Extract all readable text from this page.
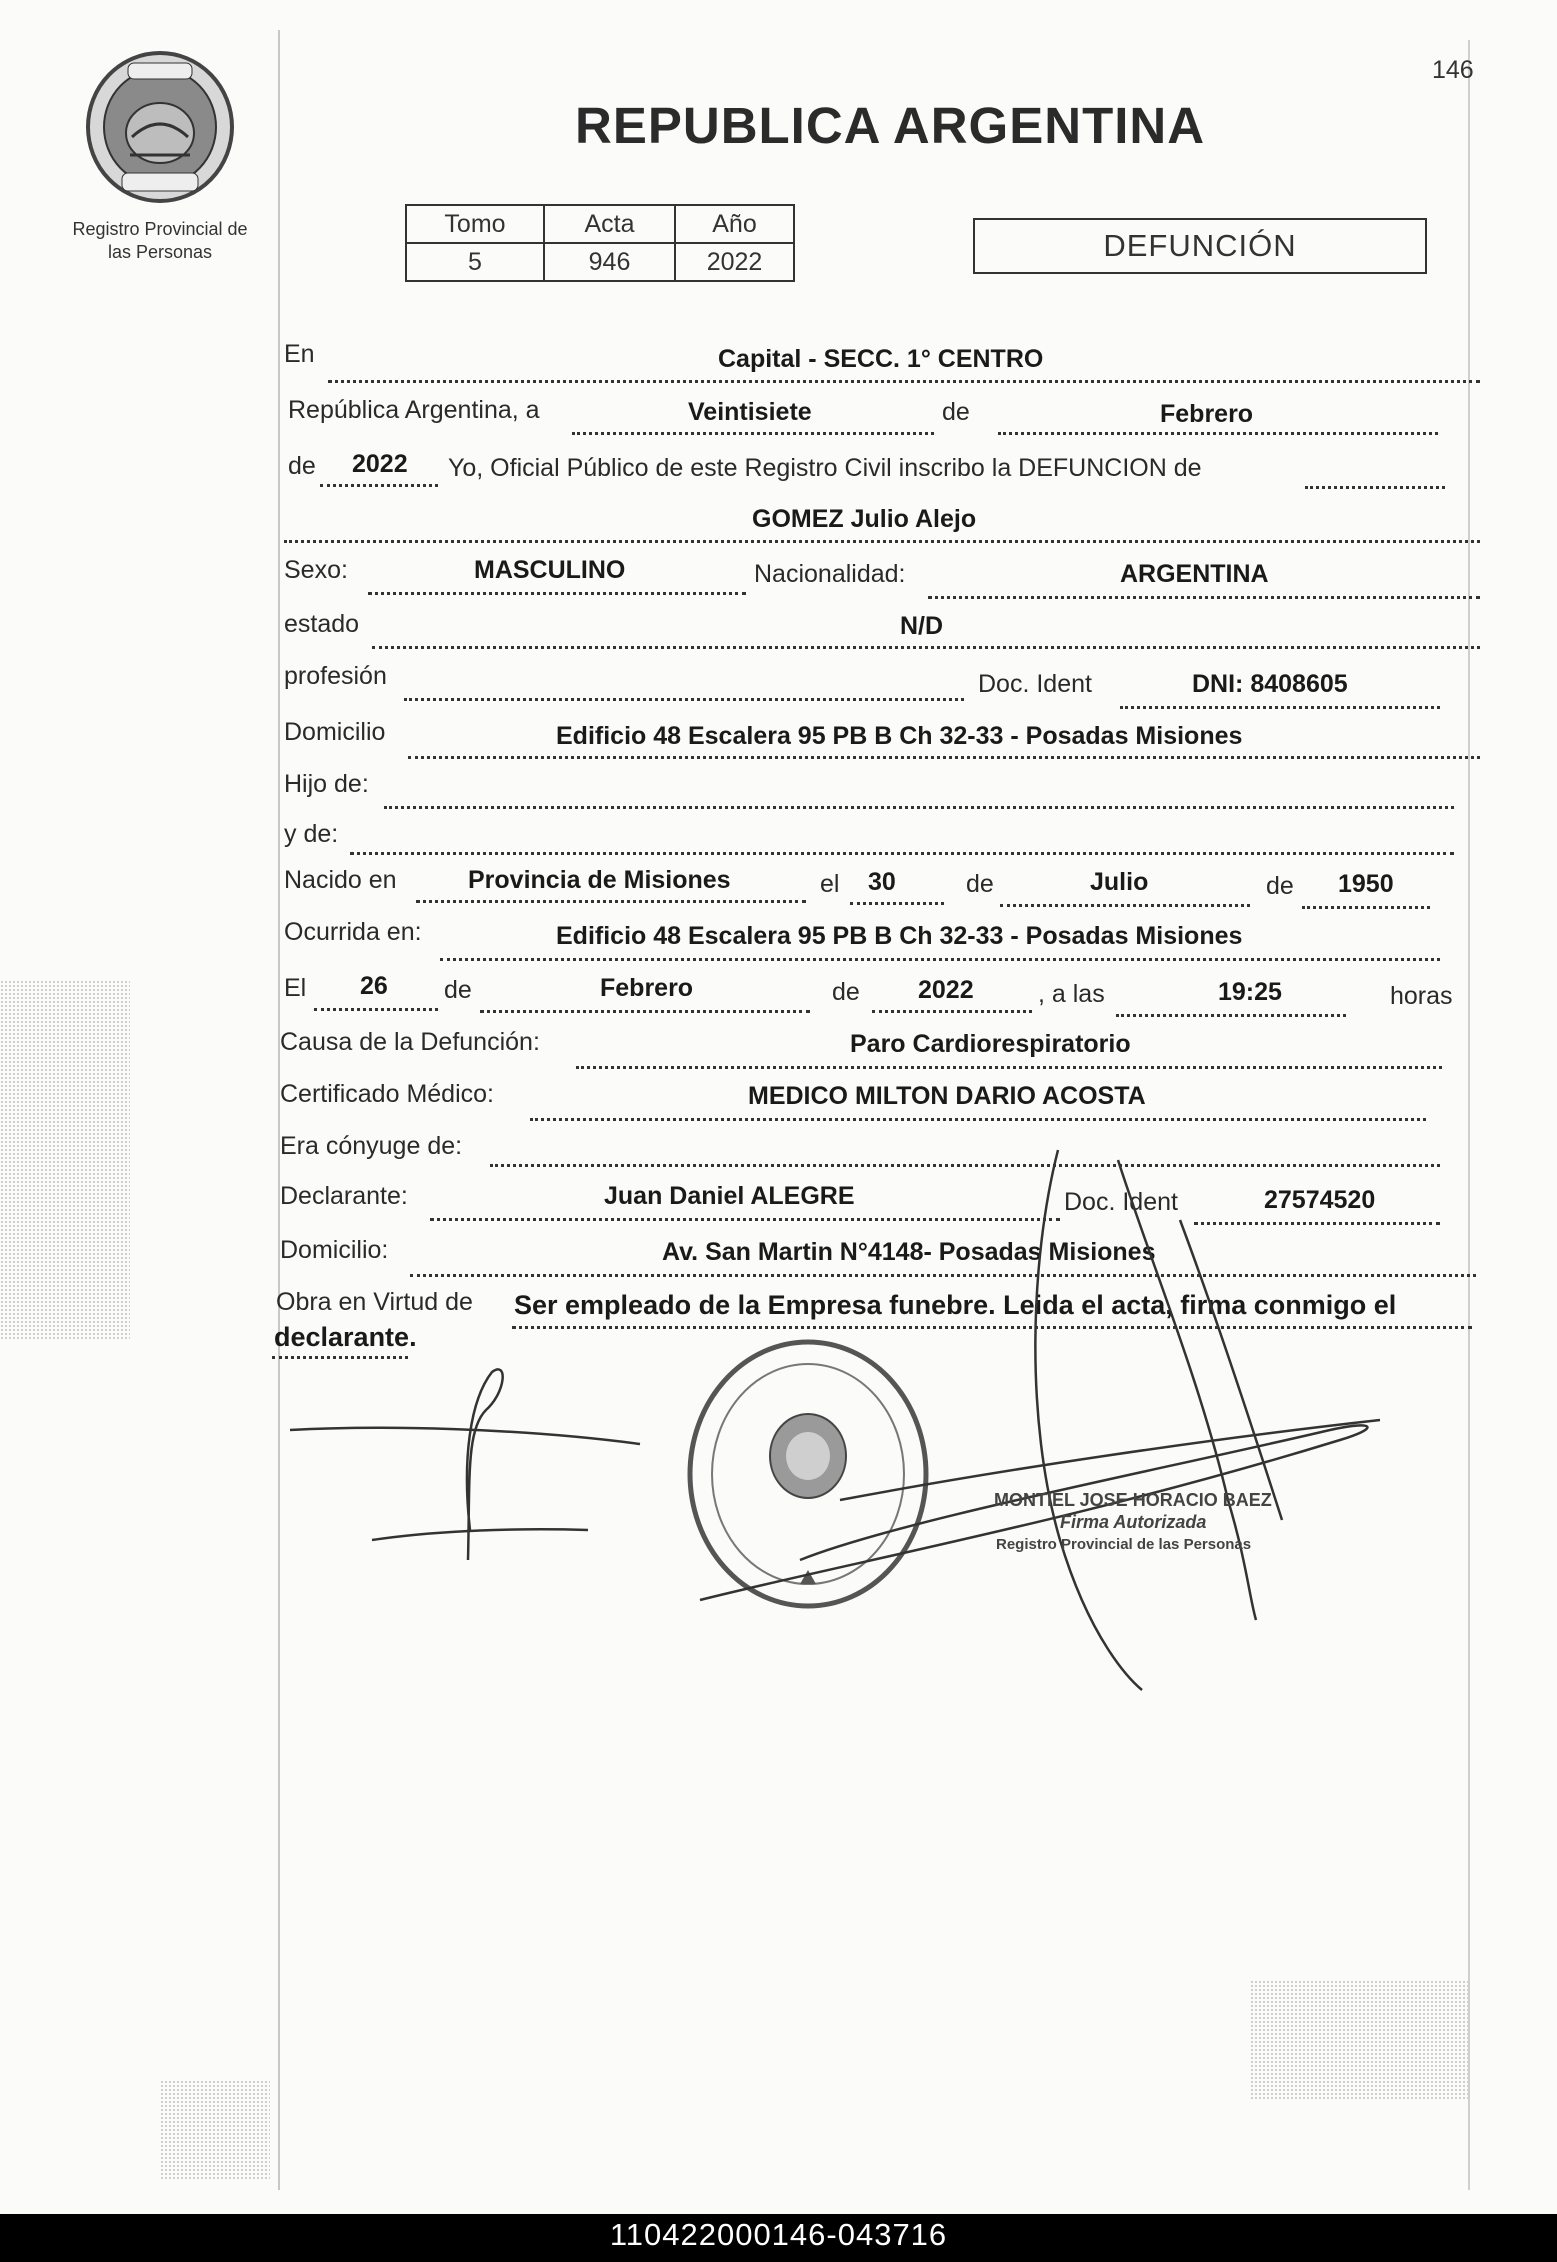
Registro Provincial de
las Personas
146
REPUBLICA ARGENTINA
Tomo	Acta	Año
5	946	2022	DEFUNCIÓN
En	Capital - SECC. 1° CENTRO
República Argentina, a	Veintisiete	de	Febrero
de 2022 Yo, Oficial Público de este Registro Civil inscribo la DEFUNCION de
GOMEZ Julio Alejo
Sexo:	MASCULINO	Nacionalidad:	ARGENTINA
estado	N/D
profesión	Doc. Ident	DNI: 8408605
Domicilio	Edificio 48 Escalera 95 PB B Ch 32-33 - Posadas Misiones
Hijo de:
y de:
Nacido en	Provincia de Misiones	el 30	de	Julio	de 1950
Ocurrida en:	Edificio 48 Escalera 95 PB B Ch 32-33 - Posadas Misiones
El 26 de	Febrero	de 2022	, a las	19:25	horas
Causa de la Defunción:	Paro Cardiorespiratorio
Certificado Médico:	MEDICO MILTON DARIO ACOSTA
Era cónyuge de:
Declarante:	Juan Daniel ALEGRE	Doc. Ident	27574520
Domicilio:	Av. San Martin N°4148- Posadas Misiones
Obra en Virtud de Ser empleado de la Empresa funebre. Leida el acta, firma conmigo el
declarante.
MONTIEL JOSE HORACIO BAEZ
Firma Autorizada
Registro Provincial de las Personas
110422000146-043716
